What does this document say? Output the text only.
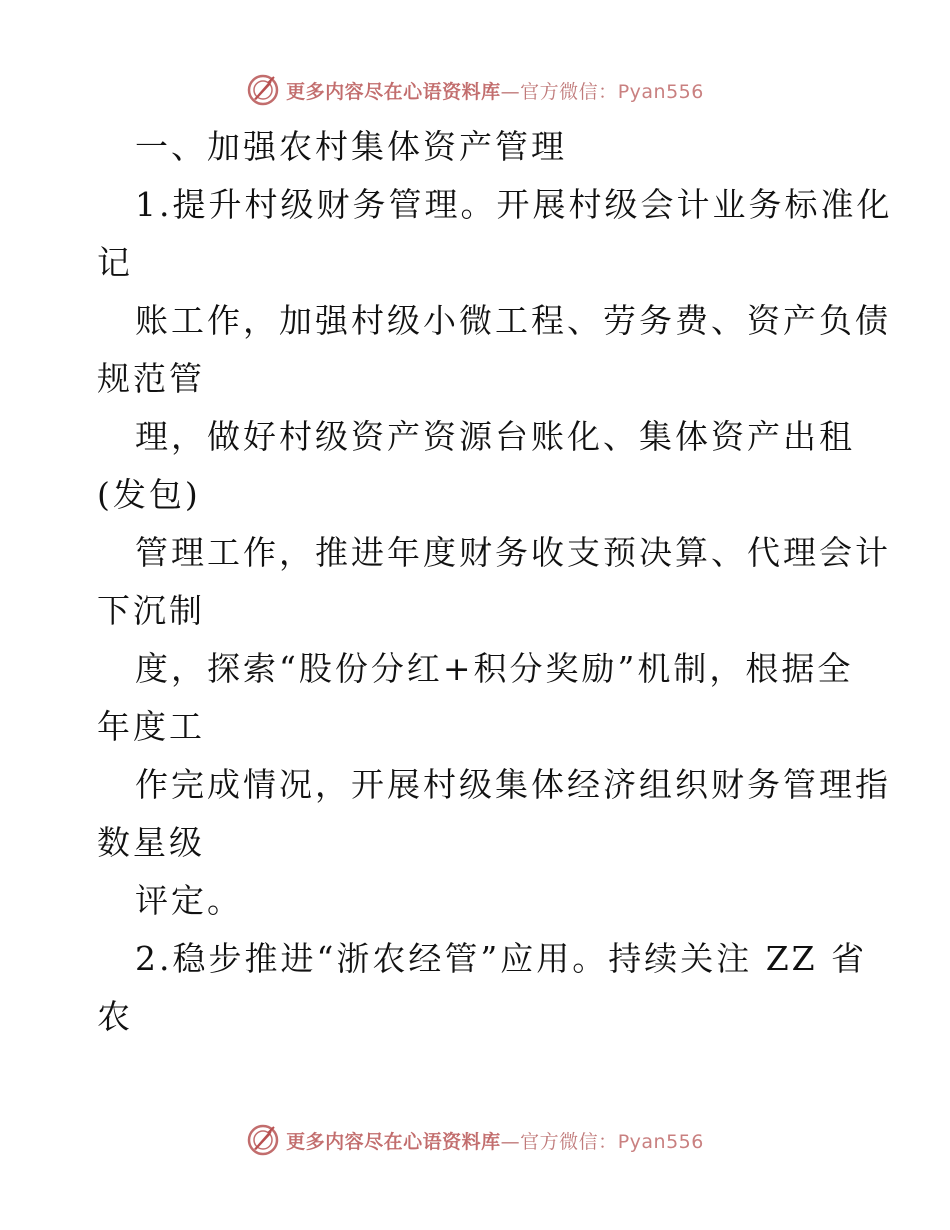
更多内容尽在心语资料库—官方微信：Pyan556
一、加强农村集体资产管理
1.提升村级财务管理。开展村级会计业务标准化
记
账工作，加强村级小微工程、劳务费、资产负债
规范管
理，做好村级资产资源台账化、集体资产出租
(发包)
管理工作，推进年度财务收支预决算、代理会计
下沉制
度，探索“股份分红+积分奖励”机制，根据全
年度工
作完成情况，开展村级集体经济组织财务管理指
数星级
评定。
2.稳步推进“浙农经管”应用。持续关注 ZZ 省
农
更多内容尽在心语资料库—官方微信：Pyan556
